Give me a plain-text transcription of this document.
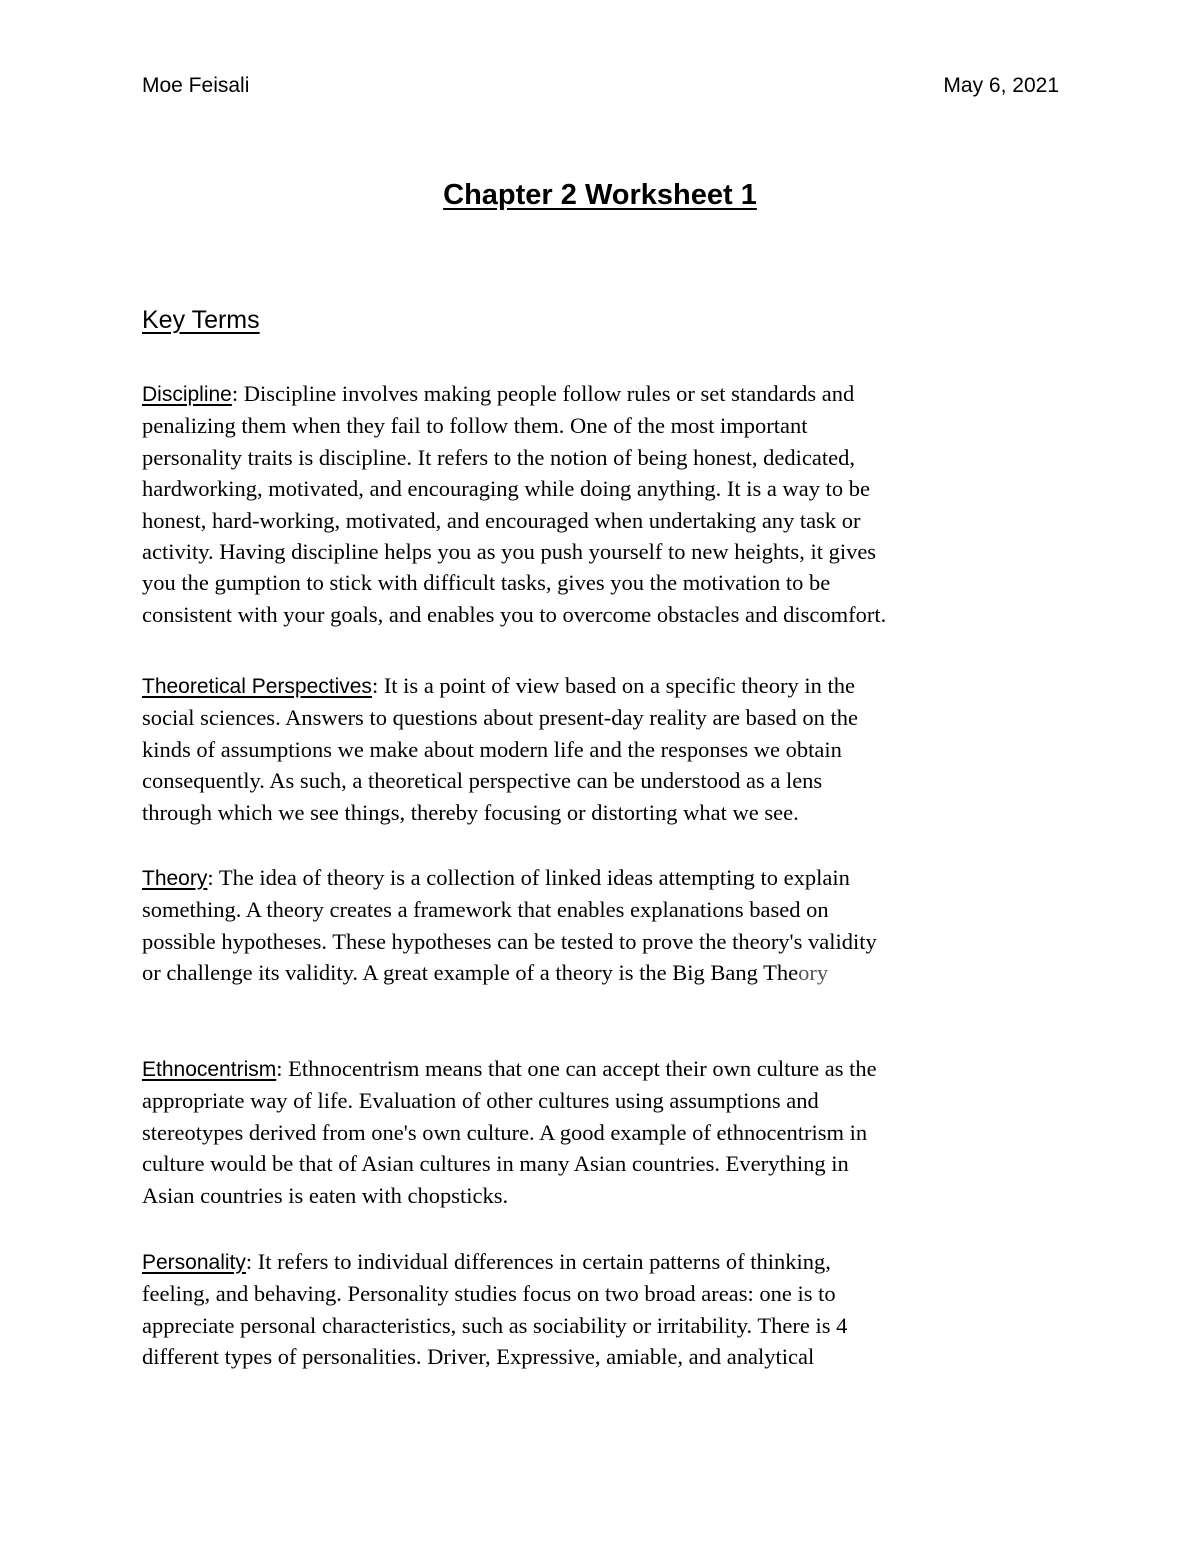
Moe Feisali	May 6, 2021
Chapter 2 Worksheet 1
Key Terms
Discipline: Discipline involves making people follow rules or set standards and
penalizing them when they fail to follow them. One of the most important
personality traits is discipline. It refers to the notion of being honest, dedicated,
hardworking, motivated, and encouraging while doing anything. It is a way to be
honest, hard-working, motivated, and encouraged when undertaking any task or
activity. Having discipline helps you as you push yourself to new heights, it gives
you the gumption to stick with difficult tasks, gives you the motivation to be
consistent with your goals, and enables you to overcome obstacles and discomfort.
Theoretical Perspectives: It is a point of view based on a specific theory in the
social sciences. Answers to questions about present-day reality are based on the
kinds of assumptions we make about modern life and the responses we obtain
consequently. As such, a theoretical perspective can be understood as a lens
through which we see things, thereby focusing or distorting what we see.
Theory: The idea of theory is a collection of linked ideas attempting to explain
something. A theory creates a framework that enables explanations based on
possible hypotheses. These hypotheses can be tested to prove the theory's validity
or challenge its validity. A great example of a theory is the Big Bang Theory
Ethnocentrism: Ethnocentrism means that one can accept their own culture as the
appropriate way of life. Evaluation of other cultures using assumptions and
stereotypes derived from one's own culture. A good example of ethnocentrism in
culture would be that of Asian cultures in many Asian countries. Everything in
Asian countries is eaten with chopsticks.
Personality: It refers to individual differences in certain patterns of thinking,
feeling, and behaving. Personality studies focus on two broad areas: one is to
appreciate personal characteristics, such as sociability or irritability. There is 4
different types of personalities. Driver, Expressive, amiable, and analytical
